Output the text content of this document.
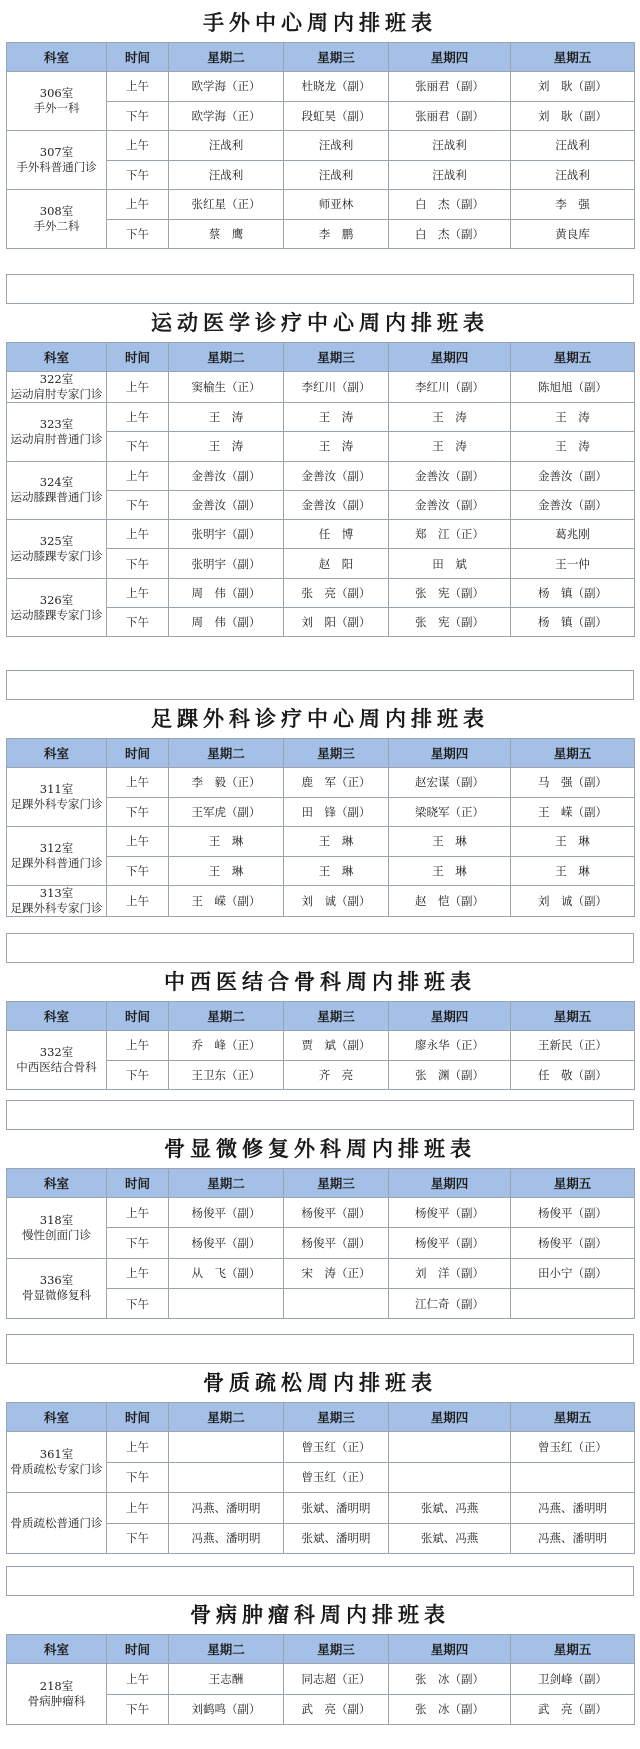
手外中心周内排班表
科室	时间	星期二	星期三	星期四	星期五

306室
手外一科	上午	欧学海（正）	杜晓龙（副）	张丽君（副）	刘　耿（副）
	下午	欧学海（正）	段虹昊（副）	张丽君（副）	刘　耿（副）

307室
手外科普通门诊	上午	汪战利	汪战利	汪战利	汪战利
	下午	汪战利	汪战利	汪战利	汪战利

308室
手外二科	上午	张红星（正）	师亚林	白　杰（副）	李　强
	下午	蔡　鹰	李　鹏	白　杰（副）	黄良库
运动医学诊疗中心周内排班表
科室	时间	星期二	星期三	星期四	星期五

322室
运动肩肘专家门诊	上午	窦榆生（正）	李红川（副）	李红川（副）	陈旭旭（副）

323室
运动肩肘普通门诊	上午	王　涛	王　涛	王　涛	王　涛
	下午	王　涛	王　涛	王　涛	王　涛

324室
运动膝踝普通门诊	上午	金善汝（副）	金善汝（副）	金善汝（副）	金善汝（副）
	下午	金善汝（副）	金善汝（副）	金善汝（副）	金善汝（副）

325室
运动膝踝专家门诊	上午	张明宇（副）	任　博	郑　江（正）	葛兆刚
	下午	张明宇（副）	赵　阳	田　斌	王一仲

326室
运动膝踝专家门诊	上午	周　伟（副）	张　亮（副）	张　宪（副）	杨　镇（副）
	下午	周　伟（副）	刘　阳（副）	张　宪（副）	杨　镇（副）
足踝外科诊疗中心周内排班表
科室	时间	星期二	星期三	星期四	星期五

311室
足踝外科专家门诊	上午	李　毅（正）	鹿　军（正）	赵宏谋（副）	马　强（副）
	下午	王军虎（副）	田　锋（副）	梁晓军（正）	王　嵘（副）

312室
足踝外科普通门诊	上午	王　琳	王　琳	王　琳	王　琳
	下午	王　琳	王　琳	王　琳	王　琳

313室
足踝外科专家门诊	上午	王　嵘（副）	刘　诚（副）	赵　恺（副）	刘　诚（副）
中西医结合骨科周内排班表
科室	时间	星期二	星期三	星期四	星期五

332室
中西医结合骨科	上午	乔　峰（正）	贾　斌（副）	廖永华（正）	王新民（正）
	下午	王卫东（正）	齐　亮	张　渊（副）	任　敬（副）
骨显微修复外科周内排班表
科室	时间	星期二	星期三	星期四	星期五

318室
慢性创面门诊	上午	杨俊平（副）	杨俊平（副）	杨俊平（副）	杨俊平（副）
	下午	杨俊平（副）	杨俊平（副）	杨俊平（副）	杨俊平（副）

336室
骨显微修复科	上午	从　飞（副）	宋　涛（正）	刘　洋（副）	田小宁（副）
	下午			江仁奇（副）	
骨质疏松周内排班表
科室	时间	星期二	星期三	星期四	星期五

361室
骨质疏松专家门诊	上午		曾玉红（正）		曾玉红（正）
	下午		曾玉红（正）		

骨质疏松普通门诊	上午	冯燕、潘明明	张斌、潘明明	张斌、冯燕	冯燕、潘明明
	下午	冯燕、潘明明	张斌、潘明明	张斌、冯燕	冯燕、潘明明
骨病肿瘤科周内排班表
科室	时间	星期二	星期三	星期四	星期五

218室
骨病肿瘤科	上午	王志酬	同志超（正）	张　冰（副）	卫剑峰（副）
	下午	刘鹤鸣（副）	武　亮（副）	张　冰（副）	武　亮（副）
